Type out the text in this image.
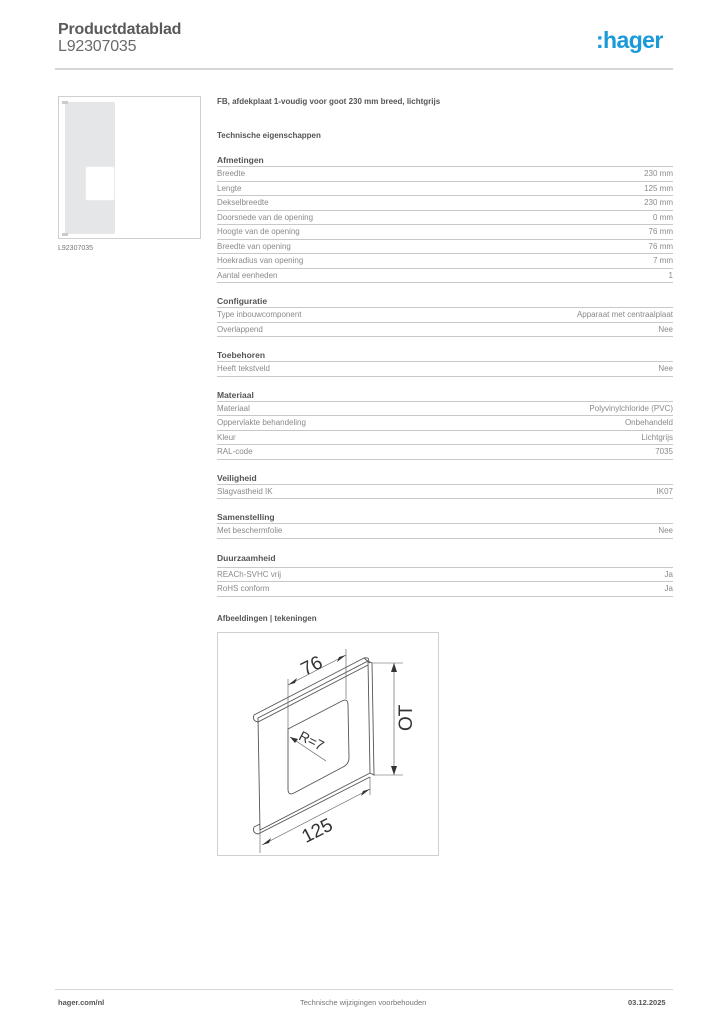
Productdatablad
L92307035	:hager
L92307035
FB, afdekplaat 1-voudig voor goot 230 mm breed, lichtgrijs
Technische eigenschappen
Afmetingen
Breedte	230 mm
Lengte	125 mm
Dekselbreedte	230 mm
Doorsnede van de opening	0 mm
Hoogte van de opening	76 mm
Breedte van opening	76 mm
Hoekradius van opening	7 mm
Aantal eenheden	1
Configuratie
Type inbouwcomponent	Apparaat met centraalplaat
Overlappend	Nee
Toebehoren
Heeft tekstveld	Nee
Materiaal
Materiaal	Polyvinylchloride (PVC)
Oppervlakte behandeling	Onbehandeld
Kleur	Lichtgrijs
RAL-code	7035
Veiligheid
Slagvastheid IK	IK07
Samenstelling
Met beschermfolie	Nee
Duurzaamheid
REACh-SVHC vrij	Ja
RoHS conform	Ja
Afbeeldingen | tekeningen
76
OT
125
R=7
hager.com/nl	Technische wijzigingen voorbehouden	03.12.2025
